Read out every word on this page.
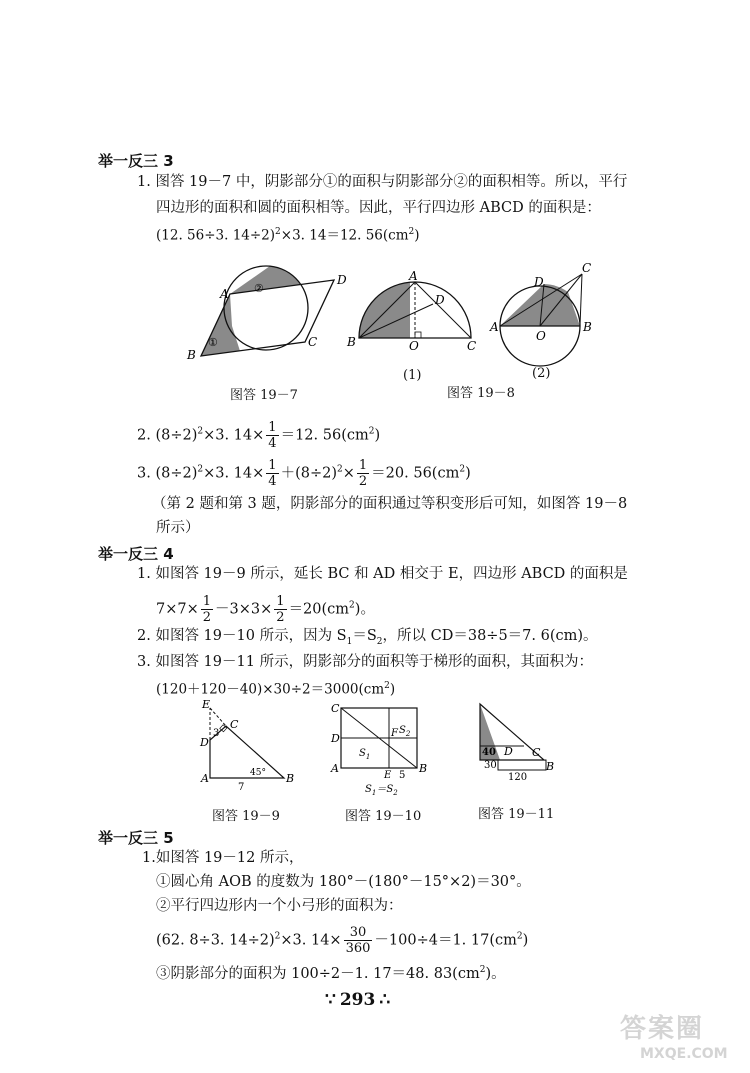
举一反三 3
1. 图答 19－7 中，阴影部分①的面积与阴影部分②的面积相等。所以，平行
四边形的面积和圆的面积相等。因此，平行四边形 ABCD 的面积是：
(12. 56÷3. 14÷2)$^2$×3. 14＝12. $56(cm^2)$
A
D
B
C
①
②
图答 19－7
A
D
B	O	C
(1)
C
D
A
O
B
(2)
图答 19－8
2. $(8\div 2)^2\times 3$. $14\times \frac{1}{4} =12$. $56(cm^2)$
3. $(8\div 2)^2\times 3$. $14\times \frac{1}{4} +(8\div 2)^2\times \frac{1}{2} =20$. $56(cm^2)$
（第 2 题和第 3 题，阴影部分的面积通过等积变形后可知，如图答 19－8
所示）
举一反三 4
1. 如图答 19－9 所示，延长 BC 和 AD 相交于 E，四边形 ABCD 的面积是
$7\times 7\times \frac{1}{2} -3\times 3\times \frac{1}{2} =20(cm^2)$。
2. 如图答 19－10 所示，因为 $S_1=S_2$，所以 CD＝38÷5＝7. 6(cm)。
3. 如图答 19－11 所示，阴影部分的面积等于梯形的面积，其面积为：
$(120+120-40)\times 30\div 2=3000(cm^2)$
E
C
3
D
45°
A
7
B
图答 19－9
C
F $S_2$
D
$S_1$
A
E 5
B
$S_1=S_2$
图答 19－10
40 D C
30
120
B
图答 19－11
举一反三 5
1.如图答 19－12 所示，
①圆心角 AOB 的度数为 180°－(180°－15°×2)＝30°。
②平行四边形内一个小弓形的面积为：
(62. 8÷3. 14÷2)$^2$×3. $14\times \frac{30}{360} -100\div 4=1$. $17(cm^2)$
③阴影部分的面积为 100÷2－1. 17＝48. $83(cm^2)$。
∵ 293 ∴
答案圈
MXQE.COM
